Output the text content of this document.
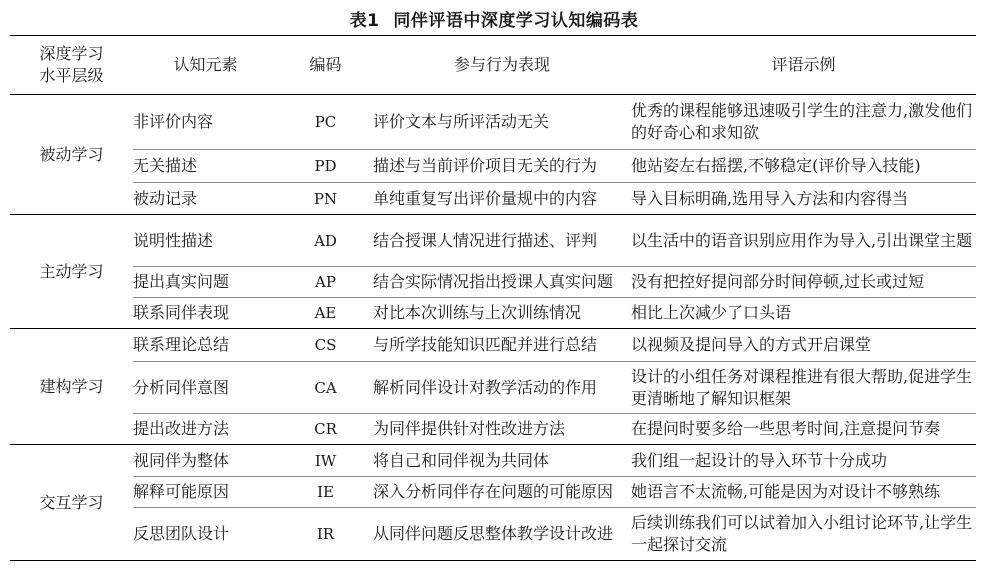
表1 同伴评语中深度学习认知编码表
深度学习
水平层级	认知元素	编码	参与行为表现	评语示例
被动学习	非评价内容	PC	评价文本与所评活动无关	优秀的课程能够迅速吸引学生的注意力,激发他们的好奇心和求知欲
	无关描述	PD	描述与当前评价项目无关的行为	他站姿左右摇摆,不够稳定(评价导入技能)
	被动记录	PN	单纯重复写出评价量规中的内容	导入目标明确,选用导入方法和内容得当
主动学习	说明性描述	AD	结合授课人情况进行描述、评判	以生活中的语音识别应用作为导入,引出课堂主题
	提出真实问题	AP	结合实际情况指出授课人真实问题	没有把控好提问部分时间停顿,过长或过短
	联系同伴表现	AE	对比本次训练与上次训练情况	相比上次减少了口头语
建构学习	联系理论总结	CS	与所学技能知识匹配并进行总结	以视频及提问导入的方式开启课堂
	分析同伴意图	CA	解析同伴设计对教学活动的作用	设计的小组任务对课程推进有很大帮助,促进学生更清晰地了解知识框架
	提出改进方法	CR	为同伴提供针对性改进方法	在提问时要多给一些思考时间,注意提问节奏
交互学习	视同伴为整体	IW	将自己和同伴视为共同体	我们组一起设计的导入环节十分成功
	解释可能原因	IE	深入分析同伴存在问题的可能原因	她语言不太流畅,可能是因为对设计不够熟练
	反思团队设计	IR	从同伴问题反思整体教学设计改进	后续训练我们可以试着加入小组讨论环节,让学生一起探讨交流
